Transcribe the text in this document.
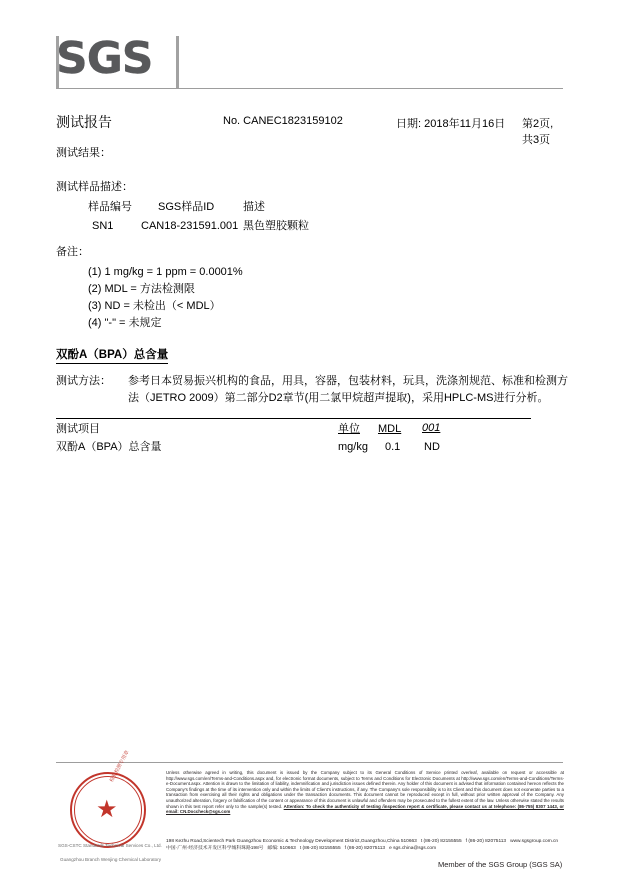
SGS
测试报告	No. CANEC1823159102	日期: 2018年11月16日 第2页,共3页
测试结果：
测试样品描述：
样品编号 SGS样品ID	描述
SN1	CAN18-231591.001 黑色塑胶颗粒
备注：
(1) 1 mg/kg = 1 ppm = 0.0001%
(2) MDL = 方法检测限
(3) ND = 未检出（< MDL）
(4) "-" = 未规定
双酚A（BPA）总含量
测试方法： 参考日本贸易振兴机构的食品，用具，容器，包装材料，玩具，洗涤剂规范、标准和检测方
法（JETRO 2009）第二部分D2章节(用二氯甲烷超声提取)，采用HPLC-MS进行分析。
测试项目	单位 MDL 001
双酚A（BPA）总含量	mg/kg 0.1 ND
★
检验检测专用章
SGS-CSTC Standards Technical Services Co., Ltd.
Guangzhou Branch Wenjing Chemical Laboratory
Unless otherwise agreed in writing, this document is issued by the Company subject to its General Conditions of Service printed overleaf, available on request or accessible at http://www.sgs.com/en/Terms-and-Conditions.aspx and, for electronic format documents, subject to Terms and Conditions for Electronic Documents at http://www.sgs.com/en/Terms-and-Conditions/Terms-e-Document.aspx. Attention is drawn to the limitation of liability, indemnification and jurisdiction issues defined therein. Any holder of this document is advised that information contained hereon reflects the Company's findings at the time of its intervention only and within the limits of Client's instructions, if any. The Company's sole responsibility is to its Client and this document does not exonerate parties to a transaction from exercising all their rights and obligations under the transaction documents. This document cannot be reproduced except in full, without prior written approval of the Company. Any unauthorized alteration, forgery or falsification of the content or appearance of this document is unlawful and offenders may be prosecuted to the fullest extent of the law. Unless otherwise stated the results shown in this test report refer only to the sample(s) tested. Attention: To check the authenticity of testing /inspection report & certificate, please contact us at telephone: (86-755) 8307 1443, or email: CN.Doccheck@sgs.com
198 Kezhu Road,Scientech Park Guangzhou Economic & Technology Development District,Guangzhou,China 510663 t (86-20) 82155555 f (86-20) 82075113 www.sgsgroup.com.cn
中国·广州·经济技术开发区科学城科珠路198号 邮编: 510663 t (86-20) 82155555 f (86-20) 82075113 e sgs.china@sgs.com
Member of the SGS Group (SGS SA)
